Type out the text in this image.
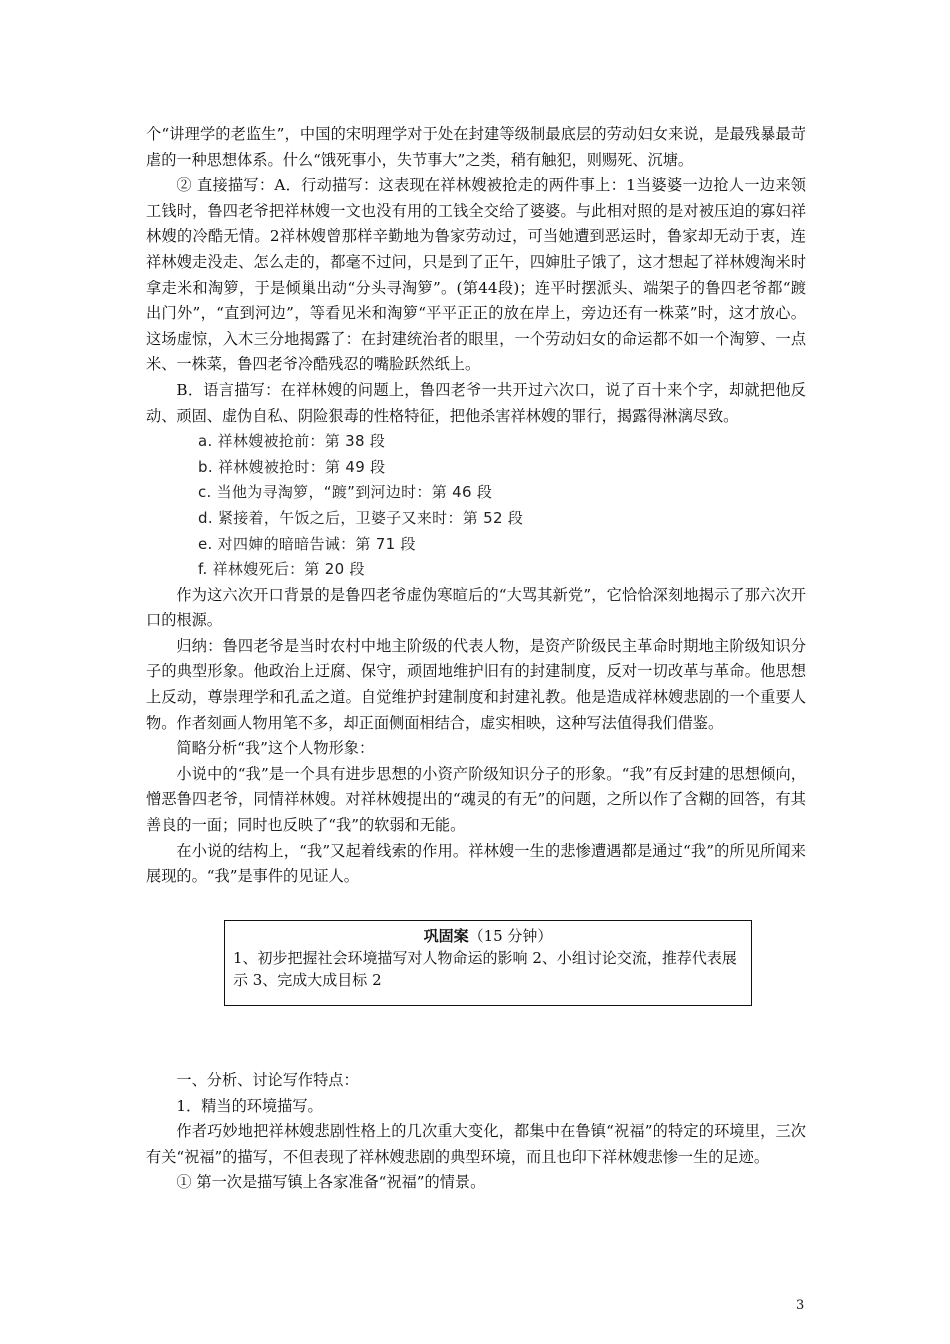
个“讲理学的老监生”，中国的宋明理学对于处在封建等级制最底层的劳动妇女来说，是最残暴最苛虐的一种思想体系。什么“饿死事小，失节事大”之类，稍有触犯，则赐死、沉塘。

② 直接描写：A．行动描写：这表现在祥林嫂被抢走的两件事上：1当婆婆一边抢人一边来领工钱时，鲁四老爷把祥林嫂一文也没有用的工钱全交给了婆婆。与此相对照的是对被压迫的寡妇祥林嫂的冷酷无情。2祥林嫂曾那样辛勤地为鲁家劳动过，可当她遭到恶运时，鲁家却无动于衷，连祥林嫂走没走、怎么走的，都毫不过问，只是到了正午，四婶肚子饿了，这才想起了祥林嫂淘米时拿走米和淘箩，于是倾巢出动“分头寻淘箩”。(第44段)；连平时摆派头、端架子的鲁四老爷都“踱出门外”，“直到河边”，等看见米和淘箩“平平正正的放在岸上，旁边还有一株菜”时，这才放心。这场虚惊，入木三分地揭露了：在封建统治者的眼里，一个劳动妇女的命运都不如一个淘箩、一点米、一株菜，鲁四老爷冷酷残忍的嘴脸跃然纸上。

B．语言描写：在祥林嫂的问题上，鲁四老爷一共开过六次口，说了百十来个字，却就把他反动、顽固、虚伪自私、阴险狠毒的性格特征，把他杀害祥林嫂的罪行，揭露得淋漓尽致。

a. 祥林嫂被抢前：第 38 段
b. 祥林嫂被抢时：第 49 段
c. 当他为寻淘箩，“踱”到河边时：第 46 段
d. 紧接着，午饭之后，卫婆子又来时：第 52 段
e. 对四婶的暗暗告诫：第 71 段
f. 祥林嫂死后：第 20 段

作为这六次开口背景的是鲁四老爷虚伪寒暄后的“大骂其新党”，它恰恰深刻地揭示了那六次开口的根源。

归纳：鲁四老爷是当时农村中地主阶级的代表人物，是资产阶级民主革命时期地主阶级知识分子的典型形象。他政治上迂腐、保守，顽固地维护旧有的封建制度，反对一切改革与革命。他思想上反动，尊崇理学和孔孟之道。自觉维护封建制度和封建礼教。他是造成祥林嫂悲剧的一个重要人物。作者刻画人物用笔不多，却正面侧面相结合，虚实相映，这种写法值得我们借鉴。

简略分析“我”这个人物形象：

小说中的“我”是一个具有进步思想的小资产阶级知识分子的形象。“我”有反封建的思想倾向，憎恶鲁四老爷，同情祥林嫂。对祥林嫂提出的“魂灵的有无”的问题，之所以作了含糊的回答，有其善良的一面；同时也反映了“我”的软弱和无能。

在小说的结构上，“我”又起着线索的作用。祥林嫂一生的悲惨遭遇都是通过“我”的所见所闻来展现的。“我”是事件的见证人。

巩固案（15 分钟）
1、初步把握社会环境描写对人物命运的影响 2、小组讨论交流，推荐代表展示 3、完成大成目标 2

一、分析、讨论写作特点：

1．精当的环境描写。

作者巧妙地把祥林嫂悲剧性格上的几次重大变化，都集中在鲁镇“祝福”的特定的环境里，三次有关“祝福”的描写，不但表现了祥林嫂悲剧的典型环境，而且也印下祥林嫂悲惨一生的足迹。

① 第一次是描写镇上各家准备“祝福”的情景。

3
